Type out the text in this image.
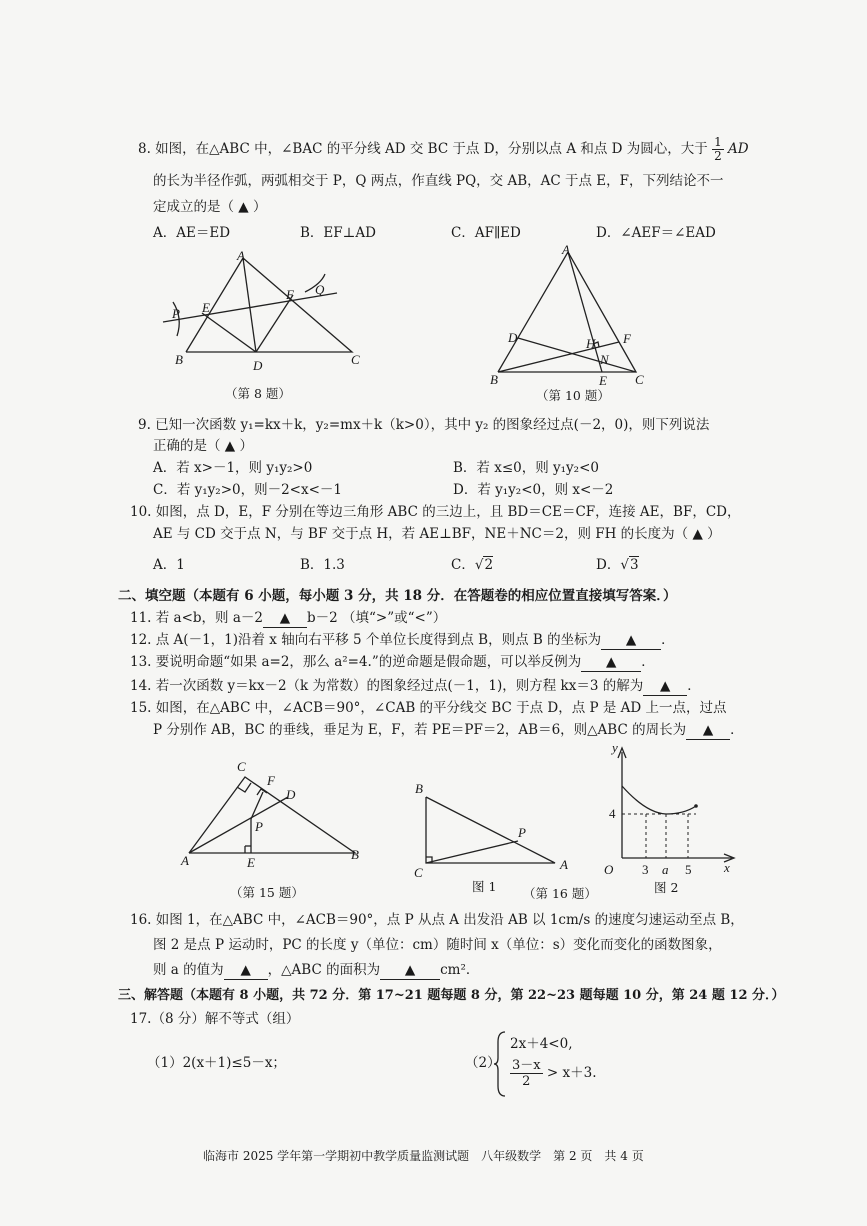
8. 如图，在△ABC 中，∠BAC 的平分线 AD 交 BC 于点 D，分别以点 A 和点 D 为圆心，大于 $\frac{1}{2}$ AD
的长为半径作弧，两弧相交于 P，Q 两点，作直线 PQ，交 AB，AC 于点 E，F，下列结论不一
定成立的是（ ▲ ）
A．AE＝ED	B．EF⊥AD	C．AF∥ED	D．∠AEF＝∠EAD
A
B	C
D
E
F
P
Q
（第 8 题）
A
B	C
D
E
F
H
N
（第 10 题）
9. 已知一次函数 y₁=kx＋k，y₂=mx＋k（k>0），其中 y₂ 的图象经过点(－2，0)，则下列说法
正确的是（ ▲ ）
A．若 x>－1，则 y₁y₂>0	B．若 x≤0，则 y₁y₂<0
C．若 y₁y₂>0，则－2<x<－1	D．若 y₁y₂<0，则 x<－2
10. 如图，点 D，E，F 分别在等边三角形 ABC 的三边上，且 BD＝CE＝CF，连接 AE，BF，CD，
AE 与 CD 交于点 N，与 BF 交于点 H，若 AE⊥BF，NE＋NC＝2，则 FH 的长度为（ ▲ ）
A．1	B．1.3	C．√2	D．√3
二、填空题（本题有 6 小题，每小题 3 分，共 18 分．在答题卷的相应位置直接填写答案．）
11. 若 a<b，则 a－2 ▲ b－2 （填“>”或“<”）
12. 点 A(－1，1)沿着 x 轴向右平移 5 个单位长度得到点 B，则点 B 的坐标为 ▲ ．
13. 要说明命题“如果 a=2，那么 a²=4.”的逆命题是假命题，可以举反例为 ▲ ．
14. 若一次函数 y＝kx－2（k 为常数）的图象经过点(－1，1)，则方程 kx＝3 的解为 ▲ ．
15. 如图，在△ABC 中，∠ACB＝90°，∠CAB 的平分线交 BC 于点 D，点 P 是 AD 上一点，过点
P 分别作 AB，BC 的垂线，垂足为 E，F，若 PE＝PF＝2，AB＝6，则△ABC 的周长为 ▲ ．
A	B
C
D
E
F
P
（第 15 题）
B
C
A
P
图 1 （第 16 题）
y
x
O
4
3 a 5
图 2
16. 如图 1，在△ABC 中，∠ACB＝90°，点 P 从点 A 出发沿 AB 以 1cm/s 的速度匀速运动至点 B，
图 2 是点 P 运动时，PC 的长度 y（单位：cm）随时间 x（单位：s）变化而变化的函数图象，
则 a 的值为 ▲ ，△ABC 的面积为 ▲ cm²．
三、解答题（本题有 8 小题，共 72 分．第 17~21 题每题 8 分，第 22~23 题每题 10 分，第 24 题 12 分．）
17.（8 分）解不等式（组）
（1）2(x＋1)≤5－x；	（2）
2x＋4<0,
$\frac{3-x}{2} > x+3$.
临海市 2025 学年第一学期初中教学质量监测试题　八年级数学　第 2 页　共 4 页
